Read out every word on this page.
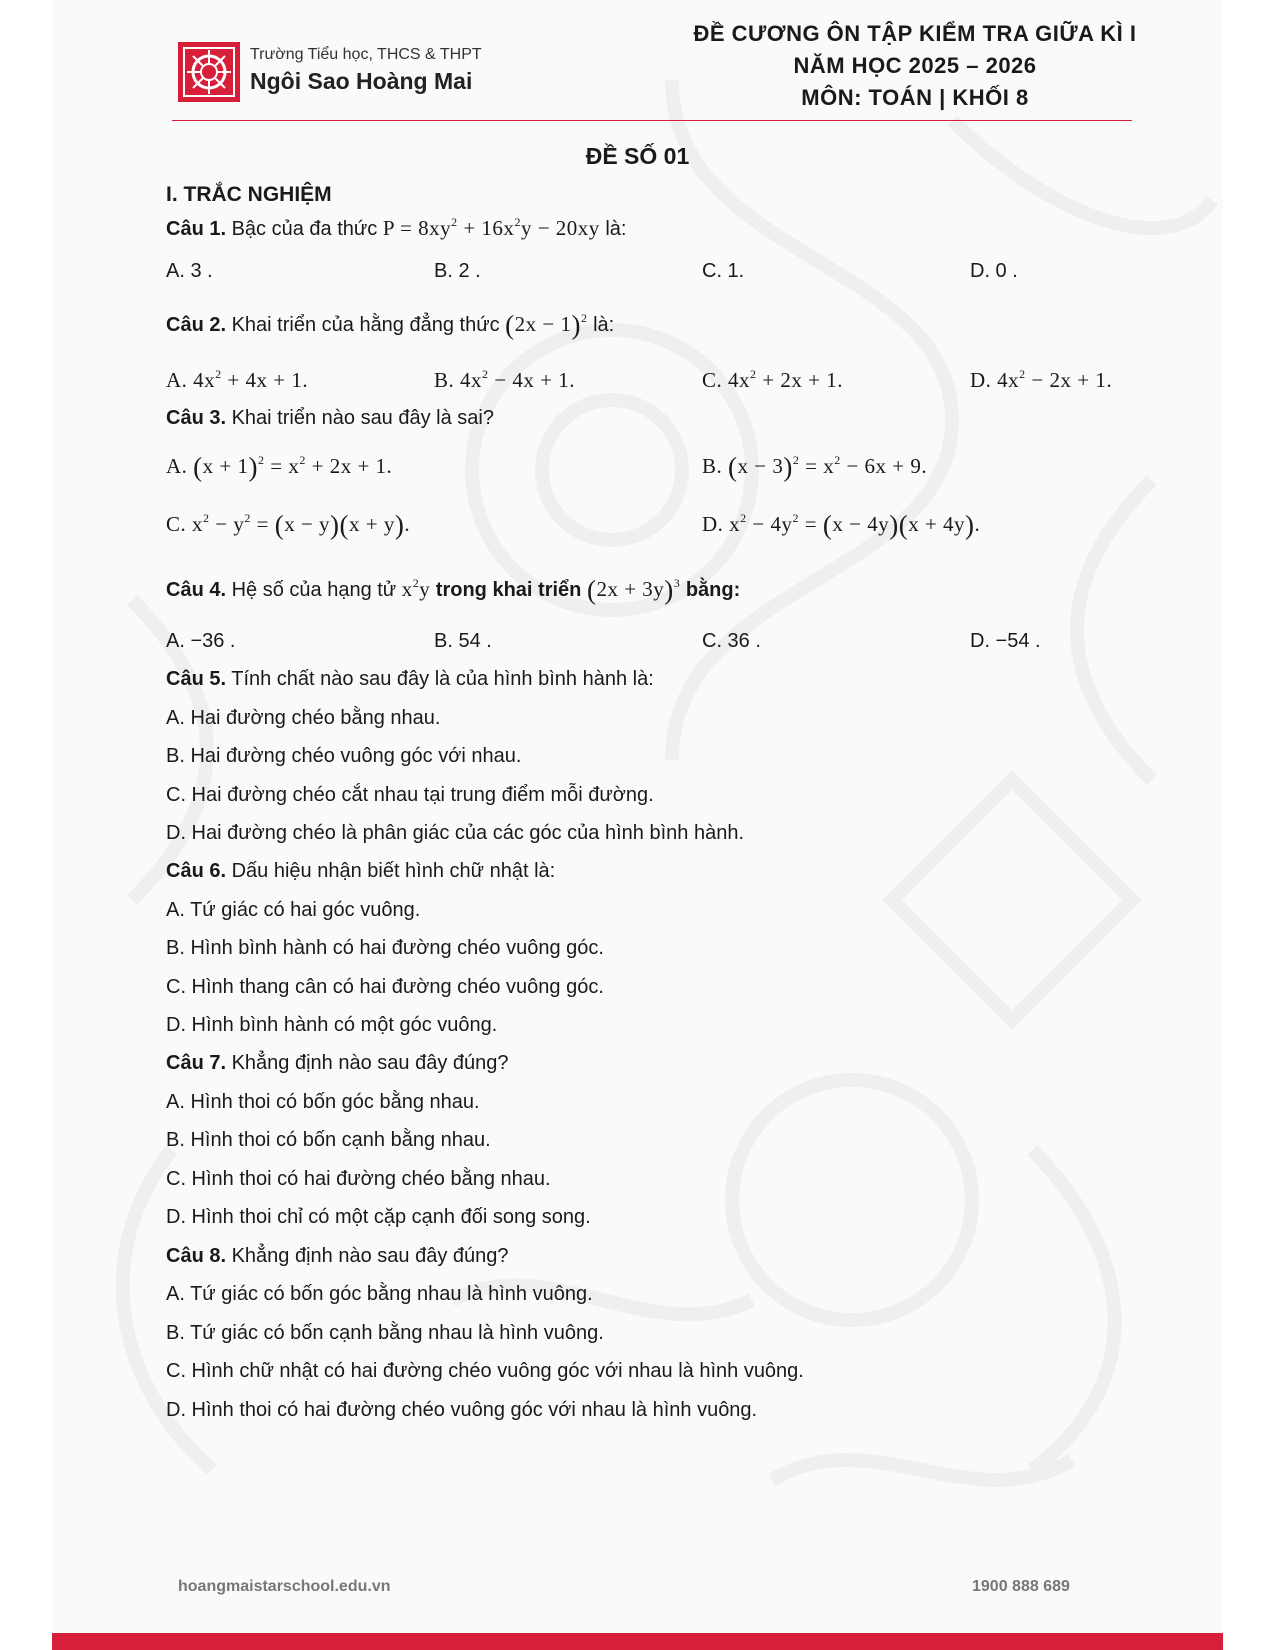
Trường Tiểu học, THCS & THPT
Ngôi Sao Hoàng Mai
ĐỀ CƯƠNG ÔN TẬP KIỂM TRA GIỮA KÌ I
NĂM HỌC 2025 – 2026
MÔN: TOÁN | KHỐI 8
ĐỀ SỐ 01
I. TRẮC NGHIỆM
Câu 1. Bậc của đa thức $P = 8xy^2 + 16x^2y - 20xy$ là:
A. 3 .	B. 2 .	C. 1.	D. 0 .
Câu 2. Khai triển của hằng đẳng thức $(2x - 1)^2$ là:
A. $4x^2 + 4x + 1$.	B. $4x^2 - 4x + 1$.	C. $4x^2 + 2x + 1$.	D. $4x^2 - 2x + 1$.
Câu 3. Khai triển nào sau đây là sai?
A. $(x + 1)^2 = x^2 + 2x + 1$.	B. $(x - 3)^2 = x^2 - 6x + 9$.
C. $x^2 - y^2 = (x - y)(x + y)$.	D. $x^2 - 4y^2 = (x - 4y)(x + 4y)$.
Câu 4. Hệ số của hạng tử $x^2y$ trong khai triển $(2x + 3y)^3$ bằng:
A. −36 .	B. 54 .	C. 36 .	D. −54 .
Câu 5. Tính chất nào sau đây là của hình bình hành là:
A. Hai đường chéo bằng nhau.
B. Hai đường chéo vuông góc với nhau.
C. Hai đường chéo cắt nhau tại trung điểm mỗi đường.
D. Hai đường chéo là phân giác của các góc của hình bình hành.
Câu 6. Dấu hiệu nhận biết hình chữ nhật là:
A. Tứ giác có hai góc vuông.
B. Hình bình hành có hai đường chéo vuông góc.
C. Hình thang cân có hai đường chéo vuông góc.
D. Hình bình hành có một góc vuông.
Câu 7. Khẳng định nào sau đây đúng?
A. Hình thoi có bốn góc bằng nhau.
B. Hình thoi có bốn cạnh bằng nhau.
C. Hình thoi có hai đường chéo bằng nhau.
D. Hình thoi chỉ có một cặp cạnh đối song song.
Câu 8. Khẳng định nào sau đây đúng?
A. Tứ giác có bốn góc bằng nhau là hình vuông.
B. Tứ giác có bốn cạnh bằng nhau là hình vuông.
C. Hình chữ nhật có hai đường chéo vuông góc với nhau là hình vuông.
D. Hình thoi có hai đường chéo vuông góc với nhau là hình vuông.
hoangmaistarschool.edu.vn	1900 888 689
